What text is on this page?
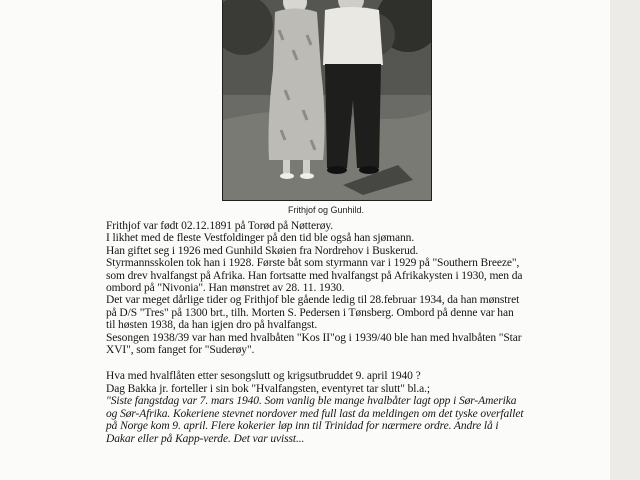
Frithjof og Gunhild.
Frithjof var født 02.12.1891 på Torød på Nøtterøy.
I likhet med de fleste Vestfoldinger på den tid ble også han sjømann.
Han giftet seg i 1926 med Gunhild Skøien fra Nordrehov i Buskerud.
Styrmannsskolen tok han i 1928. Første båt som styrmann var i 1929 på "Southern Breeze",
som drev hvalfangst på Afrika. Han fortsatte med hvalfangst på Afrikakysten i 1930, men da
ombord på "Nivonia". Han mønstret av 28. 11. 1930.
Det var meget dårlige tider og Frithjof ble gående ledig til 28.februar 1934, da han mønstret
på D/S "Tres" på 1300 brt., tilh. Morten S. Pedersen i Tønsberg. Ombord på denne var han
til høsten 1938, da han igjen dro på hvalfangst.
Sesongen 1938/39 var han med hvalbåten "Kos II"og i 1939/40 ble han med hvalbåten "Star
XVI", som fanget for "Suderøy".
Hva med hvalflåten etter sesongslutt og krigsutbruddet 9. april 1940 ?
Dag Bakka jr. forteller i sin bok "Hvalfangsten, eventyret tar slutt" bl.a.;
"Siste fangstdag var 7. mars 1940. Som vanlig ble mange hvalbåter lagt opp i Sør-Amerika
og Sør-Afrika. Kokeriene stevnet nordover med full last da meldingen om det tyske overfallet
på Norge kom 9. april. Flere kokerier løp inn til Trinidad for nærmere ordre. Andre lå i
Dakar eller på Kapp-verde. Det var uvisst...
